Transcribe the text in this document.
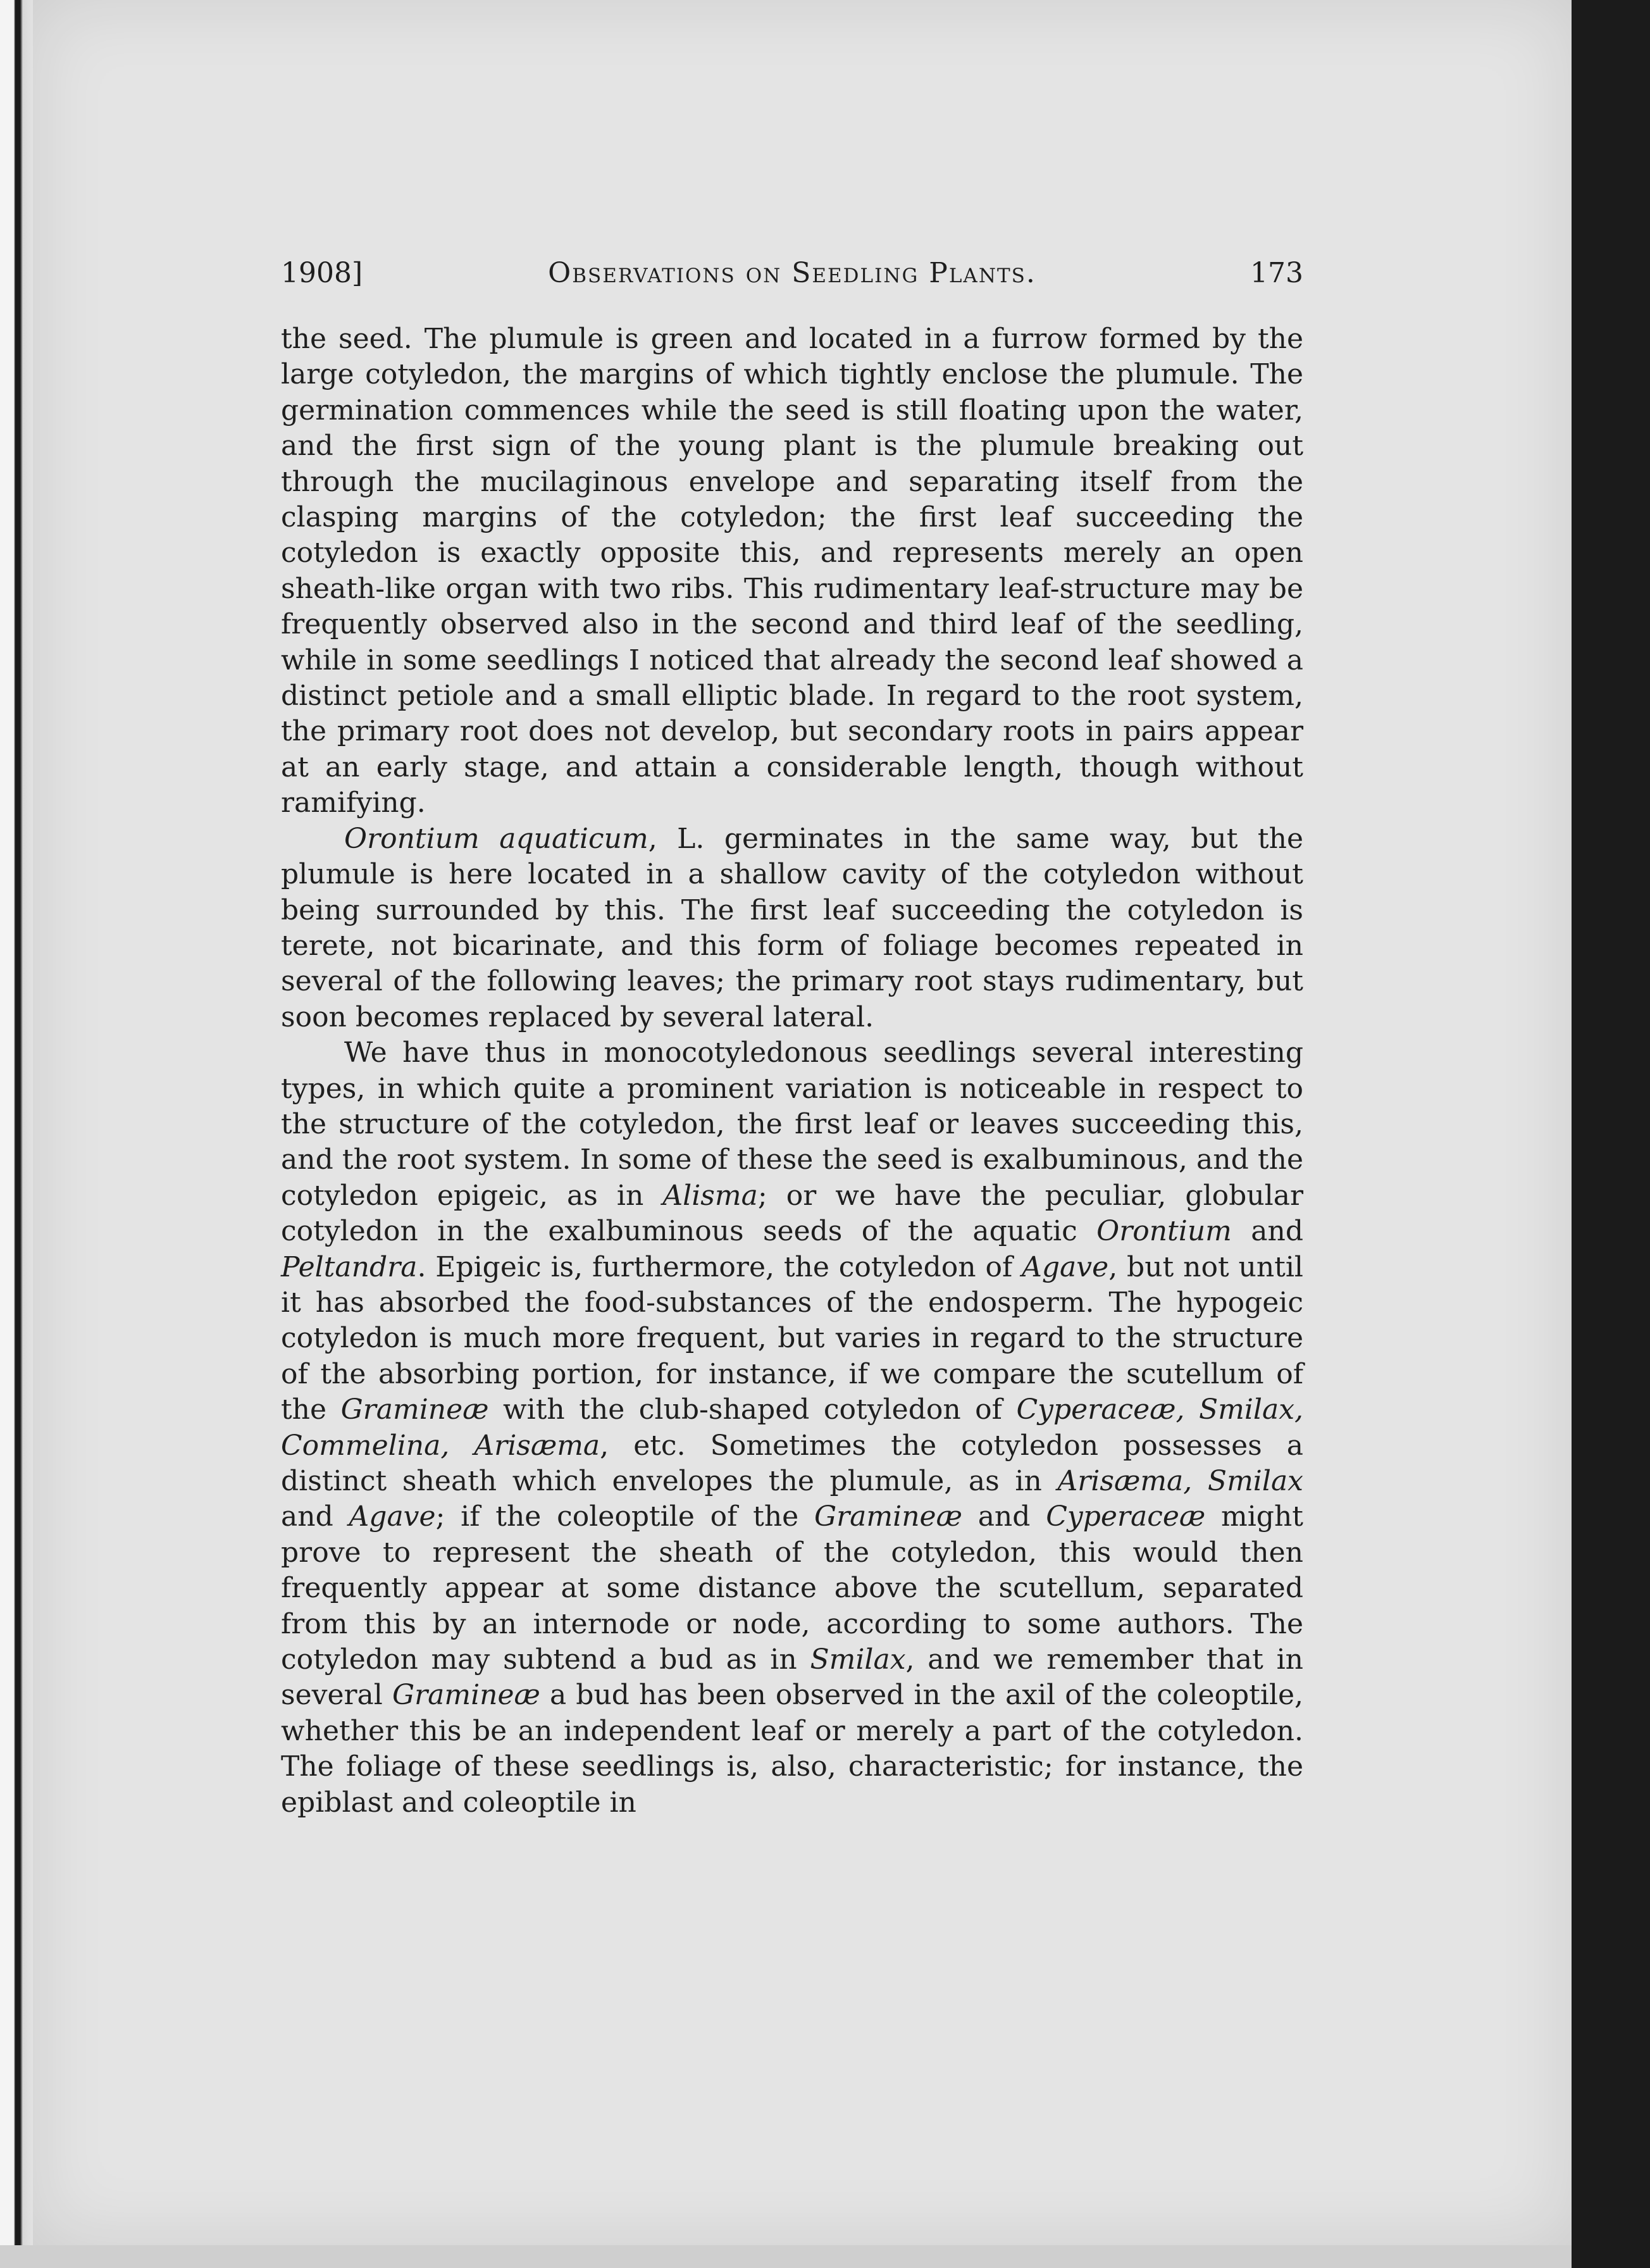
1908]	Observations on Seedling Plants.	173

the seed. The plumule is green and located in a furrow formed by the large cotyledon, the margins of which tightly enclose the plumule. The germination commences while the seed is still floating upon the water, and the first sign of the young plant is the plumule breaking out through the mucilaginous envelope and separating itself from the clasping margins of the cotyledon; the first leaf succeeding the cotyledon is exactly opposite this, and represents merely an open sheath-like organ with two ribs. This rudimentary leaf-structure may be frequently observed also in the second and third leaf of the seedling, while in some seedlings I noticed that already the second leaf showed a distinct petiole and a small elliptic blade. In regard to the root system, the primary root does not develop, but secondary roots in pairs appear at an early stage, and attain a considerable length, though without ramifying.

Orontium aquaticum, L. germinates in the same way, but the plumule is here located in a shallow cavity of the cotyledon without being surrounded by this. The first leaf succeeding the cotyledon is terete, not bicarinate, and this form of foliage becomes repeated in several of the following leaves; the primary root stays rudimentary, but soon becomes replaced by several lateral.

We have thus in monocotyledonous seedlings several interesting types, in which quite a prominent variation is noticeable in respect to the structure of the cotyledon, the first leaf or leaves succeeding this, and the root system. In some of these the seed is exalbuminous, and the cotyledon epigeic, as in Alisma; or we have the peculiar, globular cotyledon in the exalbuminous seeds of the aquatic Orontium and Peltandra. Epigeic is, furthermore, the cotyledon of Agave, but not until it has absorbed the food-substances of the endosperm. The hypogeic cotyledon is much more frequent, but varies in regard to the structure of the absorbing portion, for instance, if we compare the scutellum of the Gramineæ with the club-shaped cotyledon of Cyperaceæ, Smilax, Commelina, Arisæma, etc. Sometimes the cotyledon possesses a distinct sheath which envelopes the plumule, as in Arisæma, Smilax and Agave; if the coleoptile of the Gramineæ and Cyperaceæ might prove to represent the sheath of the cotyledon, this would then frequently appear at some distance above the scutellum, separated from this by an internode or node, according to some authors. The cotyledon may subtend a bud as in Smilax, and we remember that in several Gramineæ a bud has been observed in the axil of the coleoptile, whether this be an independent leaf or merely a part of the cotyledon. The foliage of these seedlings is, also, characteristic; for instance, the epiblast and coleoptile in
